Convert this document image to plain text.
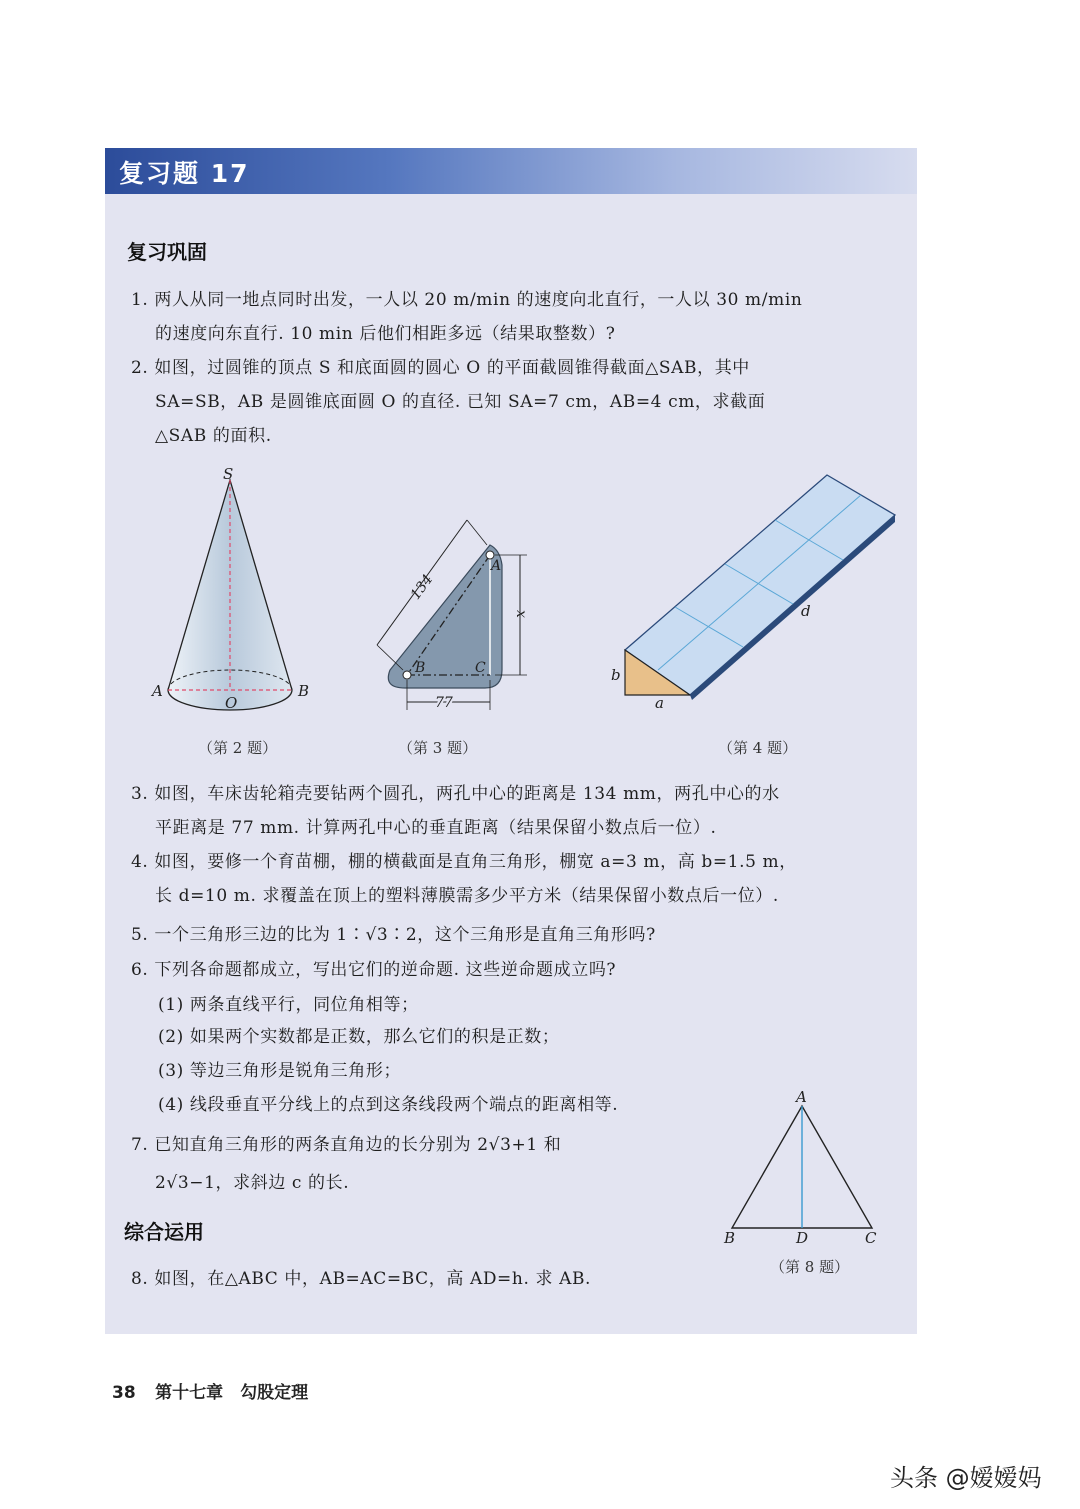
复习题 17
复习巩固
1. 两人从同一地点同时出发，一人以 20 m/min 的速度向北直行，一人以 30 m/min
的速度向东直行. 10 min 后他们相距多远（结果取整数）?
2. 如图，过圆锥的顶点 S 和底面圆的圆心 O 的平面截圆锥得截面△SAB，其中
SA=SB，AB 是圆锥底面圆 O 的直径. 已知 SA=7 cm，AB=4 cm，求截面
△SAB 的面积.
S
A	B
O
（第 2 题）
A
B	C
134
77
x
（第 3 题）
a
b
d
（第 4 题）
3. 如图，车床齿轮箱壳要钻两个圆孔，两孔中心的距离是 134 mm，两孔中心的水
平距离是 77 mm. 计算两孔中心的垂直距离（结果保留小数点后一位）.
4. 如图，要修一个育苗棚，棚的横截面是直角三角形，棚宽 a=3 m，高 b=1.5 m，
长 d=10 m. 求覆盖在顶上的塑料薄膜需多少平方米（结果保留小数点后一位）.
5. 一个三角形三边的比为 1∶√3∶2，这个三角形是直角三角形吗?
6. 下列各命题都成立，写出它们的逆命题. 这些逆命题成立吗?
(1) 两条直线平行，同位角相等；
(2) 如果两个实数都是正数，那么它们的积是正数；
(3) 等边三角形是锐角三角形；
(4) 线段垂直平分线上的点到这条线段两个端点的距离相等.
7. 已知直角三角形的两条直角边的长分别为 2√3+1 和
2√3−1，求斜边 c 的长.
A
B	C
D
（第 8 题）
综合运用
8. 如图，在△ABC 中，AB=AC=BC，高 AD=h. 求 AB.
38 第十七章　勾股定理
头条 @嫒嫒妈
